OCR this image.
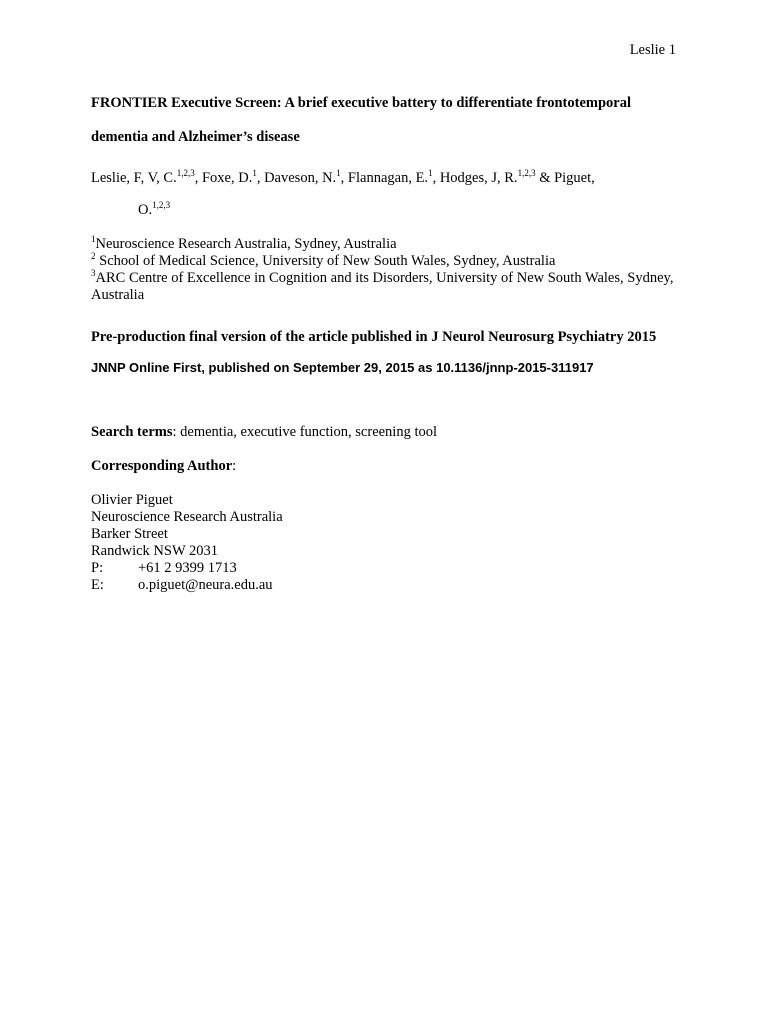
Leslie 1

FRONTIER Executive Screen: A brief executive battery to differentiate frontotemporal
dementia and Alzheimer’s disease

Leslie, F, V, C.$^{1,2,3}$, Foxe, D.$^1$, Daveson, N.$^1$, Flannagan, E.$^1$, Hodges, J, R.$^{1,2,3}$ & Piguet,
O.$^{1,2,3}$
$^1$Neuroscience Research Australia, Sydney, Australia
$^2$ School of Medical Science, University of New South Wales, Sydney, Australia
$^3$ARC Centre of Excellence in Cognition and its Disorders, University of New South Wales, Sydney, Australia
Pre-production final version of the article published in J Neurol Neurosurg Psychiatry 2015
JNNP Online First, published on September 29, 2015 as 10.1136/jnnp-2015-311917
Search terms: dementia, executive function, screening tool
Corresponding Author:
Olivier Piguet
Neuroscience Research Australia
Barker Street
Randwick NSW 2031
P:	+61 2 9399 1713
E:	o.piguet@neura.edu.au
